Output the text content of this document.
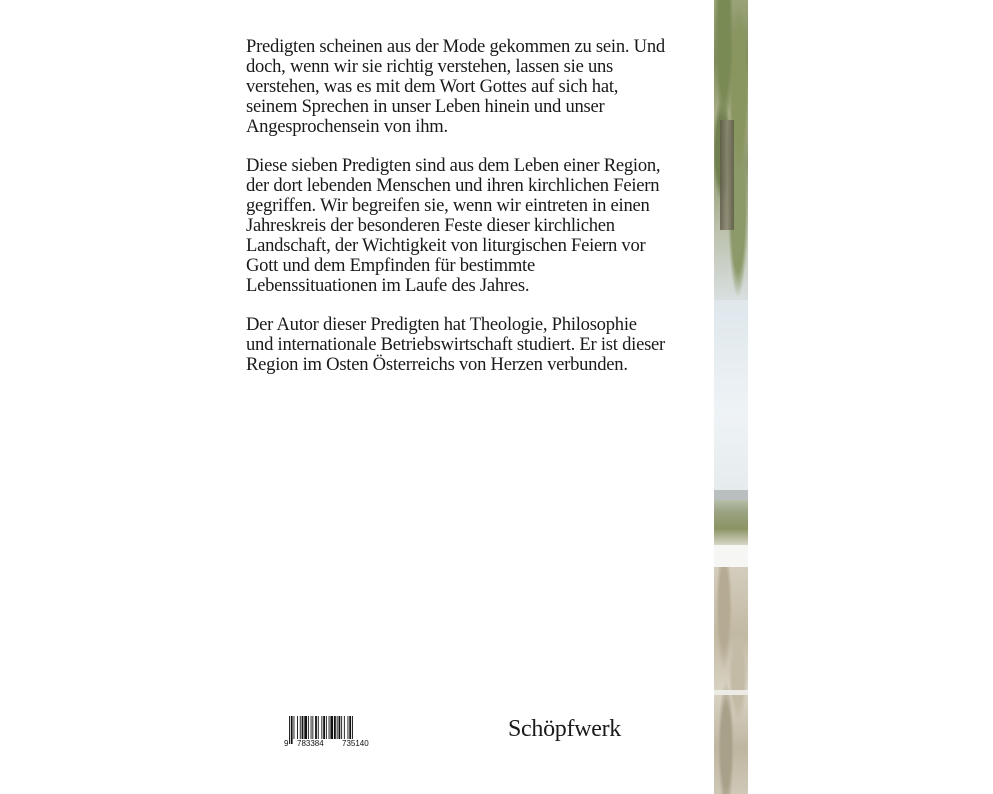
Predigten scheinen aus der Mode gekommen zu sein. Und doch, wenn wir sie richtig verstehen, lassen sie uns verstehen, was es mit dem Wort Gottes auf sich hat, seinem Sprechen in unser Leben hinein und unser Angesprochensein von ihm.

Diese sieben Predigten sind aus dem Leben einer Region, der dort lebenden Menschen und ihren kirchlichen Feiern gegriffen. Wir begreifen sie, wenn wir eintreten in einen Jahreskreis der besonderen Feste dieser kirchlichen Landschaft, der Wichtigkeit von liturgischen Feiern vor Gott und dem Empfinden für bestimmte Lebenssituationen im Laufe des Jahres.

Der Autor dieser Predigten hat Theologie, Philosophie und internationale Betriebswirtschaft studiert. Er ist dieser Region im Osten Österreichs von Herzen verbunden.

9 783384 735140
Schöpfwerk
